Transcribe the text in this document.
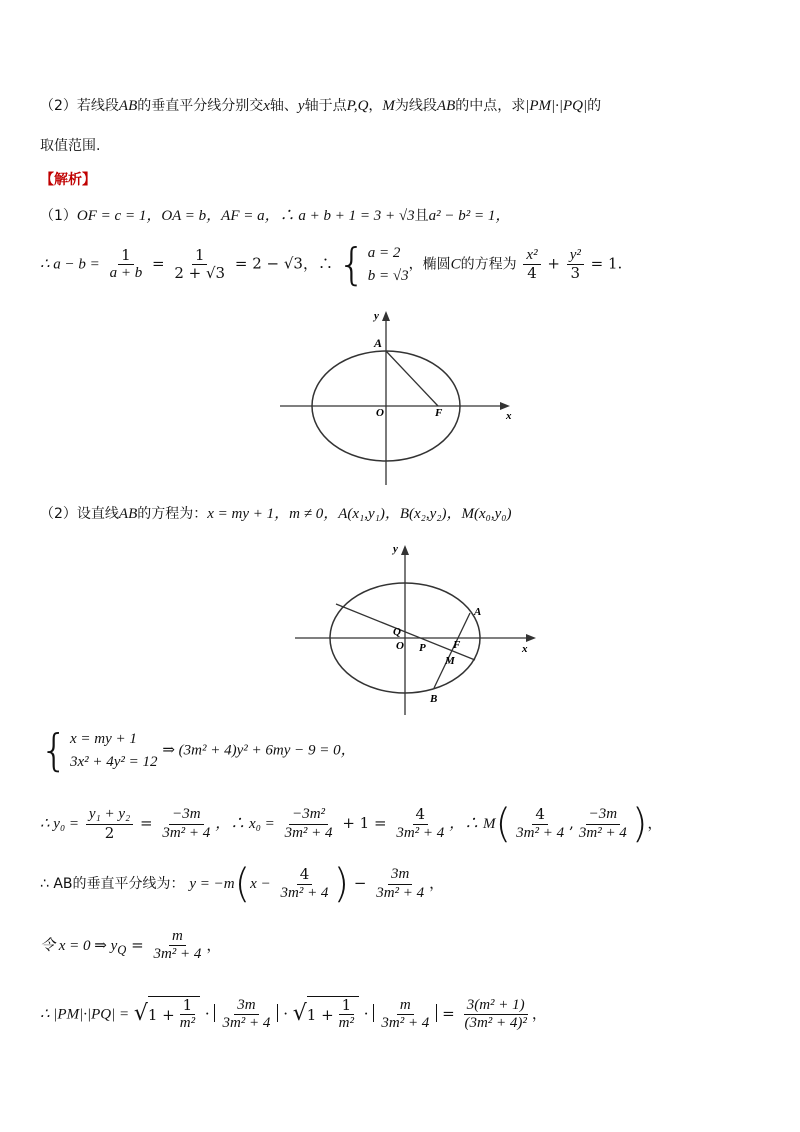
（2）若线段AB的垂直平分线分别交x轴、y轴于点P,Q，M为线段AB的中点，求|PM|·|PQ|的
取值范围.
【解析】
（1）OF = c = 1，OA = b，AF = a，∴ a + b + 1 = 3 + √3且a² − b² = 1，
∴ $a - b = \frac{1}{a + b} = \frac{1}{2 + √3} = 2 - √3$，∴ { a = 2
b = √3
，椭圆C的方程为 $\frac{\text{x²}}{4} + \frac{\text{y²}}{3} = 1$.
y
A
O	F	x
（2）设直线AB的方程为：x = my + 1，m ≠ 0，A(x₁,y₁)，B(x₂,y₂)，M(x₀,y₀)
y
A
Q
O P F
M
B
x
{ x = my + 1
3x² + 4y² = 12
⇒ (3m² + 4)y² + 6my − 9 = 0，
∴ $y_0 = \frac{\text{y₁ + y₂}}{2} = \frac{-3m}{\text{3m² + 4}}$ ，∴ $x_0 = \frac{\text{−3m²}}{\text{3m² + 4}} + 1 = \frac{4}{\text{3m² + 4}}$ ，∴ $M( \frac{4}{\text{3m² + 4}}$ , $\frac{-3m}{\text{3m² + 4}}$ )，
∴ AB的垂直平分线为： $y = -m(x - \frac{4}{\text{3m² + 4}}$ ) − $\frac{3m}{\text{3m² + 4}}$ ，
令 x = 0 ⇒ $y_Q = \frac{m}{\text{3m² + 4}}$ ，
∴ |PM|·|PQ| = √ $1 + \frac{1}{\text{m²}} \cdot \frac{3m}{\text{3m² + 4}}$ · √ $1 + \frac{1}{\text{m²}} \cdot \frac{m}{\text{3m² + 4}} = \frac{\text{3(m² + 1)}}{\text{(3m² + 4)²}}$ ，
